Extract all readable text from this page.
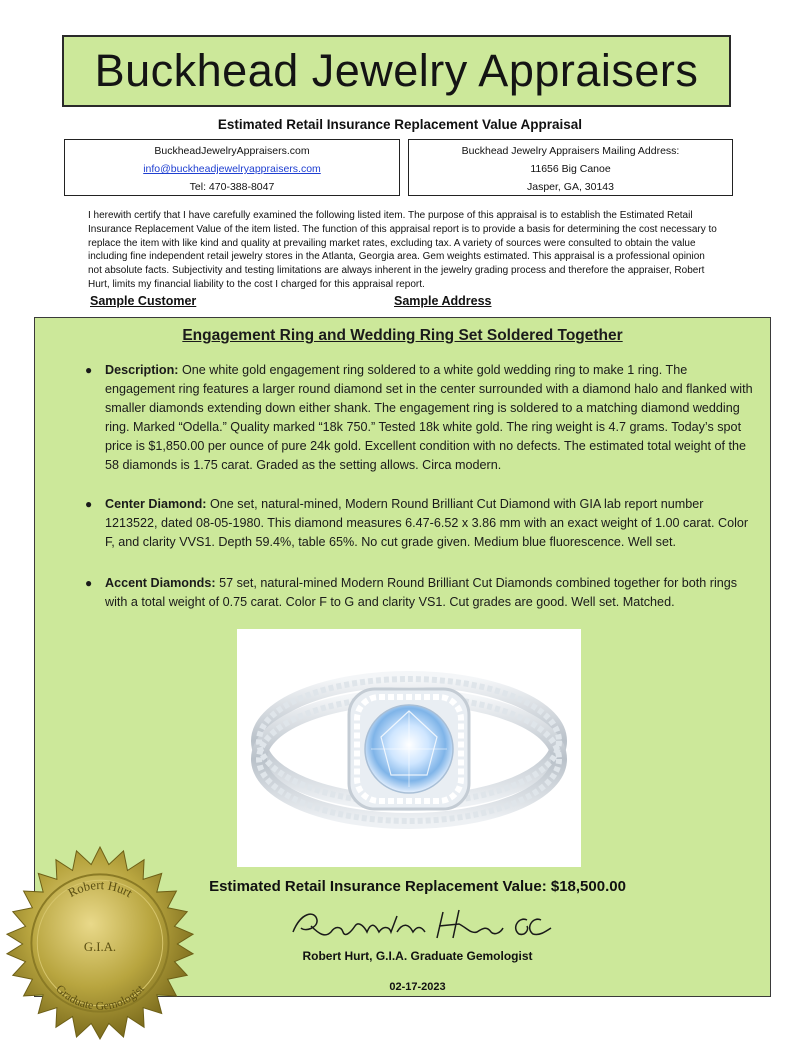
Buckhead Jewelry Appraisers
Estimated Retail Insurance Replacement Value Appraisal
BuckheadJewelryAppraisers.com
info@buckheadjewelryappraisers.com
Tel: 470-388-8047
Buckhead Jewelry Appraisers Mailing Address:
11656 Big Canoe
Jasper, GA, 30143
I herewith certify that I have carefully examined the following listed item. The purpose of this appraisal is to establish the Estimated Retail Insurance Replacement Value of the item listed. The function of this appraisal report is to provide a basis for determining the cost necessary to replace the item with like kind and quality at prevailing market rates, excluding tax. A variety of sources were consulted to obtain the value including fine independent retail jewelry stores in the Atlanta, Georgia area. Gem weights estimated. This appraisal is a professional opinion not absolute facts. Subjectivity and testing limitations are always inherent in the jewelry grading process and therefore the appraiser, Robert Hurt, limits my financial liability to the cost I charged for this appraisal report.
Sample Customer	Sample Address
Engagement Ring and Wedding Ring Set Soldered Together
● Description: One white gold engagement ring soldered to a white gold wedding ring to make 1 ring. The engagement ring features a larger round diamond set in the center surrounded with a diamond halo and flanked with smaller diamonds extending down either shank. The engagement ring is soldered to a matching diamond wedding ring. Marked “Odella.” Quality marked “18k 750.” Tested 18k white gold. The ring weight is 4.7 grams. Today’s spot price is $1,850.00 per ounce of pure 24k gold. Excellent condition with no defects. The estimated total weight of the 58 diamonds is 1.75 carat. Graded as the setting allows. Circa modern.
● Center Diamond: One set, natural-mined, Modern Round Brilliant Cut Diamond with GIA lab report number 1213522, dated 08-05-1980. This diamond measures 6.47-6.52 x 3.86 mm with an exact weight of 1.00 carat. Color F, and clarity VVS1. Depth 59.4%, table 65%. No cut grade given. Medium blue fluorescence. Well set.
● Accent Diamonds: 57 set, natural-mined Modern Round Brilliant Cut Diamonds combined together for both rings with a total weight of 0.75 carat. Color F to G and clarity VS1. Cut grades are good. Well set. Matched.
Estimated Retail Insurance Replacement Value: $18,500.00
Robert Hurt, G.I.A. Graduate Gemologist
02-17-2023
Robert Hurt
G.I.A.
Graduate Gemologist
